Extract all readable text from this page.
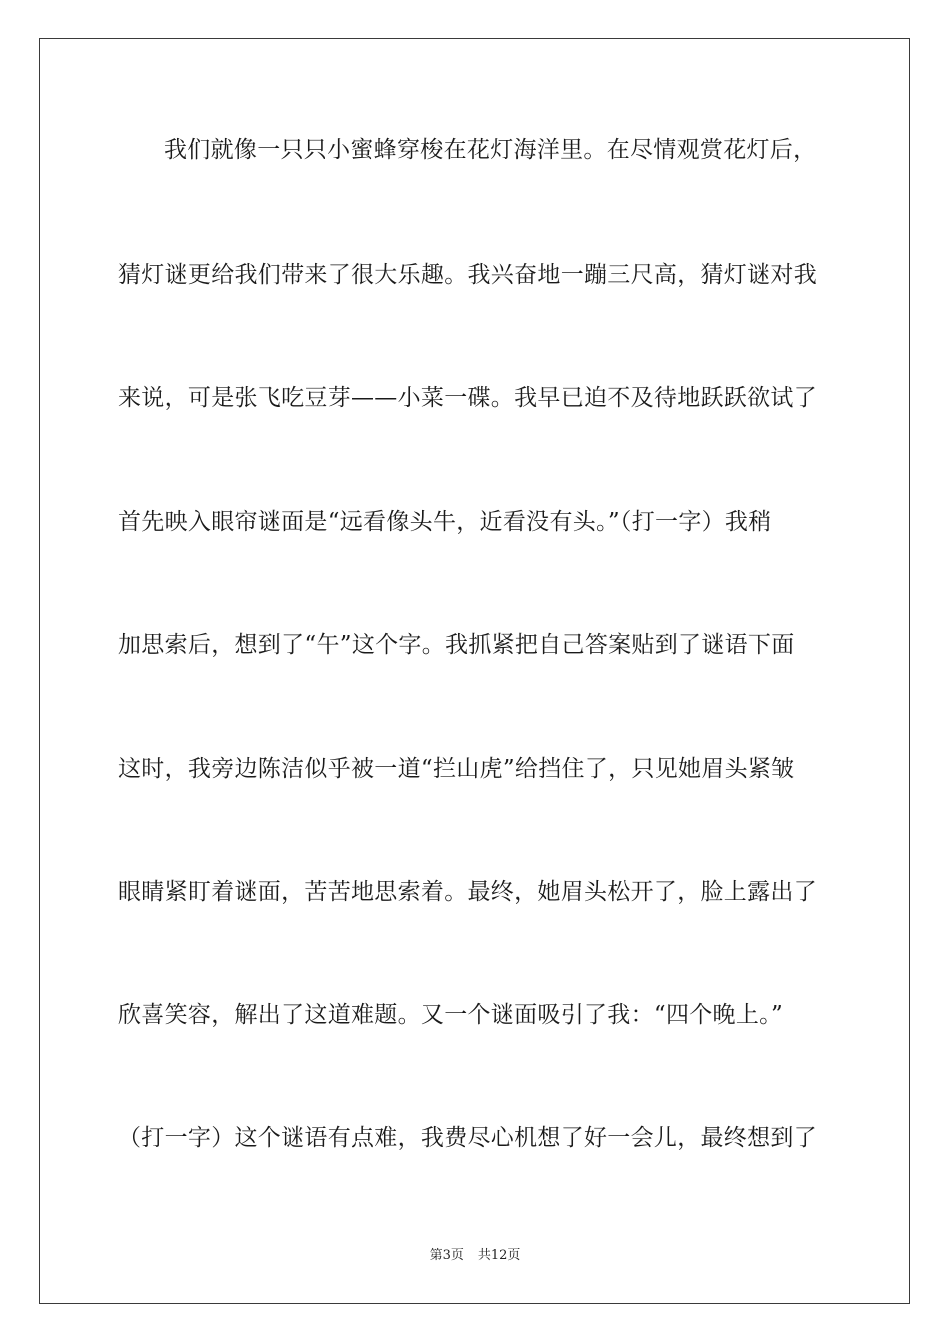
我们就像一只只小蜜蜂穿梭在花灯海洋里。在尽情观赏花灯后，
猜灯谜更给我们带来了很大乐趣。我兴奋地一蹦三尺高，猜灯谜对我
来说，可是张飞吃豆芽——小菜一碟。我早已迫不及待地跃跃欲试了
首先映入眼帘谜面是“远看像头牛，近看没有头。”（打一字）我稍
加思索后，想到了“午”这个字。我抓紧把自己答案贴到了谜语下面
这时，我旁边陈洁似乎被一道“拦山虎”给挡住了，只见她眉头紧皱
眼睛紧盯着谜面，苦苦地思索着。最终，她眉头松开了，脸上露出了
欣喜笑容，解出了这道难题。又一个谜面吸引了我：“四个晚上。”
（打一字）这个谜语有点难，我费尽心机想了好一会儿，最终想到了
第3页 共12页
